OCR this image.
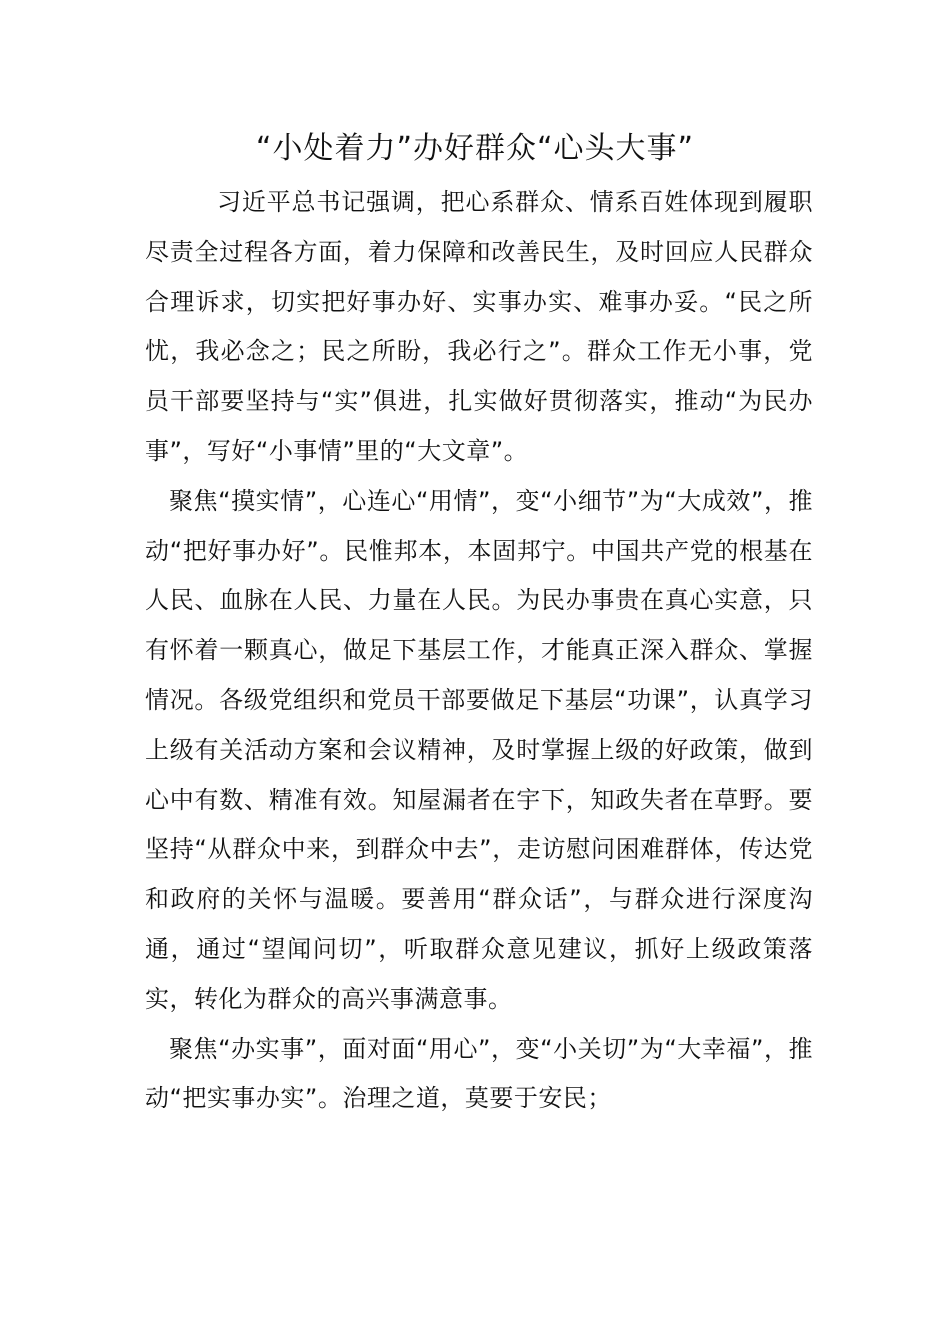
“小处着力”办好群众“心头大事”

习近平总书记强调，把心系群众、情系百姓体现到履职尽责全过程各方面，着力保障和改善民生，及时回应人民群众合理诉求，切实把好事办好、实事办实、难事办妥。“民之所忧，我必念之；民之所盼，我必行之”。群众工作无小事，党员干部要坚持与“实”俱进，扎实做好贯彻落实，推动“为民办事”，写好“小事情”里的“大文章”。

聚焦“摸实情”，心连心“用情”，变“小细节”为“大成效”，推动“把好事办好”。民惟邦本，本固邦宁。中国共产党的根基在人民、血脉在人民、力量在人民。为民办事贵在真心实意，只有怀着一颗真心，做足下基层工作，才能真正深入群众、掌握情况。各级党组织和党员干部要做足下基层“功课”，认真学习上级有关活动方案和会议精神，及时掌握上级的好政策，做到心中有数、精准有效。知屋漏者在宇下，知政失者在草野。要坚持“从群众中来，到群众中去”，走访慰问困难群体，传达党和政府的关怀与温暖。要善用“群众话”，与群众进行深度沟通，通过“望闻问切”，听取群众意见建议，抓好上级政策落实，转化为群众的高兴事满意事。

聚焦“办实事”，面对面“用心”，变“小关切”为“大幸福”，推动“把实事办实”。治理之道，莫要于安民；
